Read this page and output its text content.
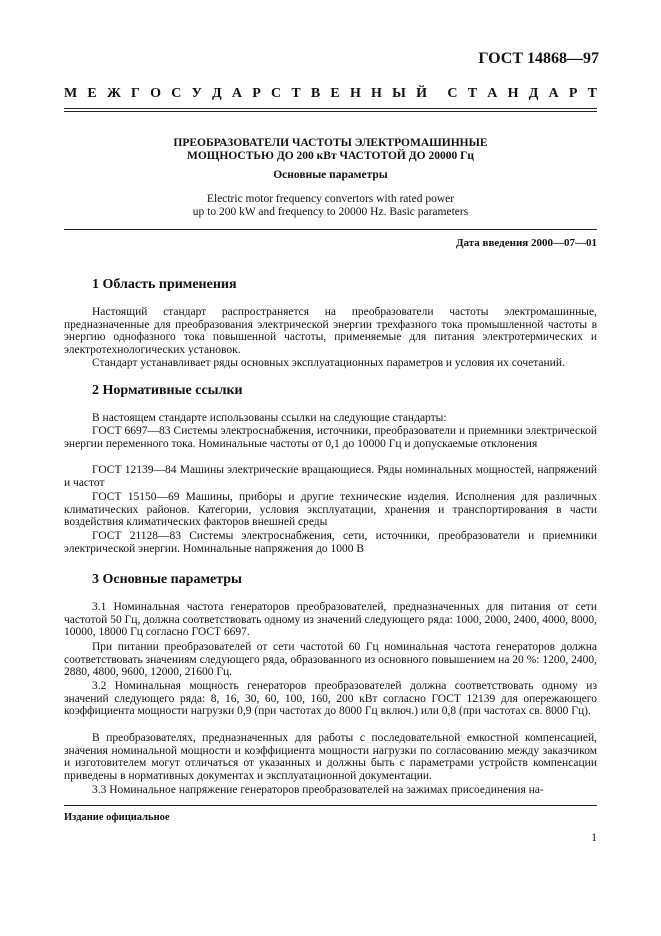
ГОСТ 14868—97
М Е Ж Г О С У Д А Р С Т В Е Н Н Ы Й С Т А Н Д А Р Т
ПРЕОБРАЗОВАТЕЛИ ЧАСТОТЫ ЭЛЕКТРОМАШИННЫЕ
МОЩНОСТЬЮ ДО 200 кВт ЧАСТОТОЙ ДО 20000 Гц
Основные параметры
Electric motor frequency convertors with rated power
up to 200 kW and frequency to 20000 Hz. Basic parameters
Дата введения 2000—07—01
1 Область применения

Настоящий стандарт распространяется на преобразователи частоты электромашинные, предназначенные для преобразования электрической энергии трехфазного тока промышленной частоты в энергию однофазного тока повышенной частоты, применяемые для питания электротермических и электротехнологических установок.

Стандарт устанавливает ряды основных эксплуатационных параметров и условия их сочетаний.

2 Нормативные ссылки

В настоящем стандарте использованы ссылки на следующие стандарты:

ГОСТ 6697—83 Системы электроснабжения, источники, преобразователи и приемники электрической энергии переменного тока. Номинальные частоты от 0,1 до 10000 Гц и допускаемые отклонения

ГОСТ 12139—84 Машины электрические вращающиеся. Ряды номинальных мощностей, напряжений и частот

ГОСТ 15150—69 Машины, приборы и другие технические изделия. Исполнения для различных климатических районов. Категории, условия эксплуатации, хранения и транспортирования в части воздействия климатических факторов внешней среды

ГОСТ 21128—83 Системы электроснабжения, сети, источники, преобразователи и приемники электрической энергии. Номинальные напряжения до 1000 В

3 Основные параметры

3.1 Номинальная частота генераторов преобразователей, предназначенных для питания от сети частотой 50 Гц, должна соответствовать одному из значений следующего ряда: 1000, 2000, 2400, 4000, 8000, 10000, 18000 Гц согласно ГОСТ 6697.

При питании преобразователей от сети частотой 60 Гц номинальная частота генераторов должна соответствовать значениям следующего ряда, образованного из основного повышением на 20 %: 1200, 2400, 2880, 4800, 9600, 12000, 21600 Гц.

3.2 Номинальная мощность генераторов преобразователей должна соответствовать одному из значений следующего ряда: 8, 16, 30, 60, 100, 160, 200 кВт согласно ГОСТ 12139 для опережающего коэффициента мощности нагрузки 0,9 (при частотах до 8000 Гц включ.) или 0,8 (при частотах св. 8000 Гц).

В преобразователях, предназначенных для работы с последовательной емкостной компенсацией, значения номинальной мощности и коэффициента мощности нагрузки по согласованию между заказчиком и изготовителем могут отличаться от указанных и должны быть с параметрами устройств компенсации приведены в нормативных документах и эксплуатационной документации.

3.3 Номинальное напряжение генераторов преобразователей на зажимах присоединения на-

Издание официальное
1
